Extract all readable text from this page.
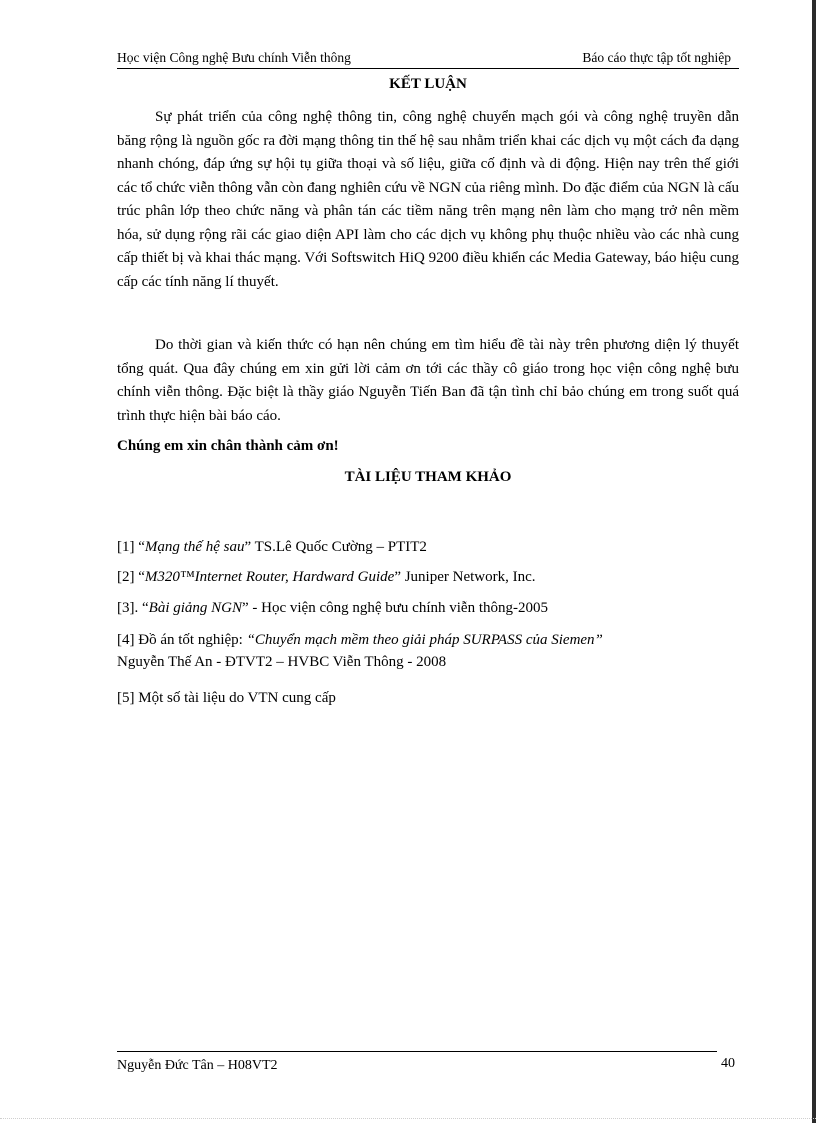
Học viện Công nghệ Bưu chính Viễn thông	Báo cáo thực tập tốt nghiệp
KẾT LUẬN

Sự phát triển của công nghệ thông tin, công nghệ chuyển mạch gói và công nghệ truyền dẫn băng rộng là nguồn gốc ra đời mạng thông tin thế hệ sau nhằm triển khai các dịch vụ một cách đa dạng nhanh chóng, đáp ứng sự hội tụ giữa thoại và số liệu, giữa cố định và di động. Hiện nay trên thế giới các tổ chức viễn thông vẫn còn đang nghiên cứu về NGN của riêng mình. Do đặc điểm của NGN là cấu trúc phân lớp theo chức năng và phân tán các tiềm năng trên mạng nên làm cho mạng trở nên mềm hóa, sử dụng rộng rãi các giao diện API làm cho các dịch vụ không phụ thuộc nhiều vào các nhà cung cấp thiết bị và khai thác mạng. Với Softswitch HiQ 9200 điều khiển các Media Gateway, báo hiệu cung cấp các tính năng lí thuyết.

Do thời gian và kiến thức có hạn nên chúng em tìm hiểu đề tài này trên phương diện lý thuyết tổng quát. Qua đây chúng em xin gửi lời cảm ơn tới các thầy cô giáo trong học viện công nghệ bưu chính viễn thông. Đặc biệt là thầy giáo Nguyễn Tiến Ban đã tận tình chỉ bảo chúng em trong suốt quá trình thực hiện bài báo cáo.

Chúng em xin chân thành cảm ơn!
TÀI LIỆU THAM KHẢO
[1] “Mạng thế hệ sau” TS.Lê Quốc Cường – PTIT2
[2] “M320™Internet Router, Hardward Guide” Juniper Network, Inc.
[3]. “Bài giảng NGN” - Học viện công nghệ bưu chính viễn thông-2005
[4] Đồ án tốt nghiệp: “Chuyển mạch mềm theo giải pháp SURPASS của Siemen”
Nguyễn Thế An - ĐTVT2 – HVBC Viễn Thông - 2008
[5] Một số tài liệu do VTN cung cấp
Nguyễn Đức Tân – H08VT2	40
